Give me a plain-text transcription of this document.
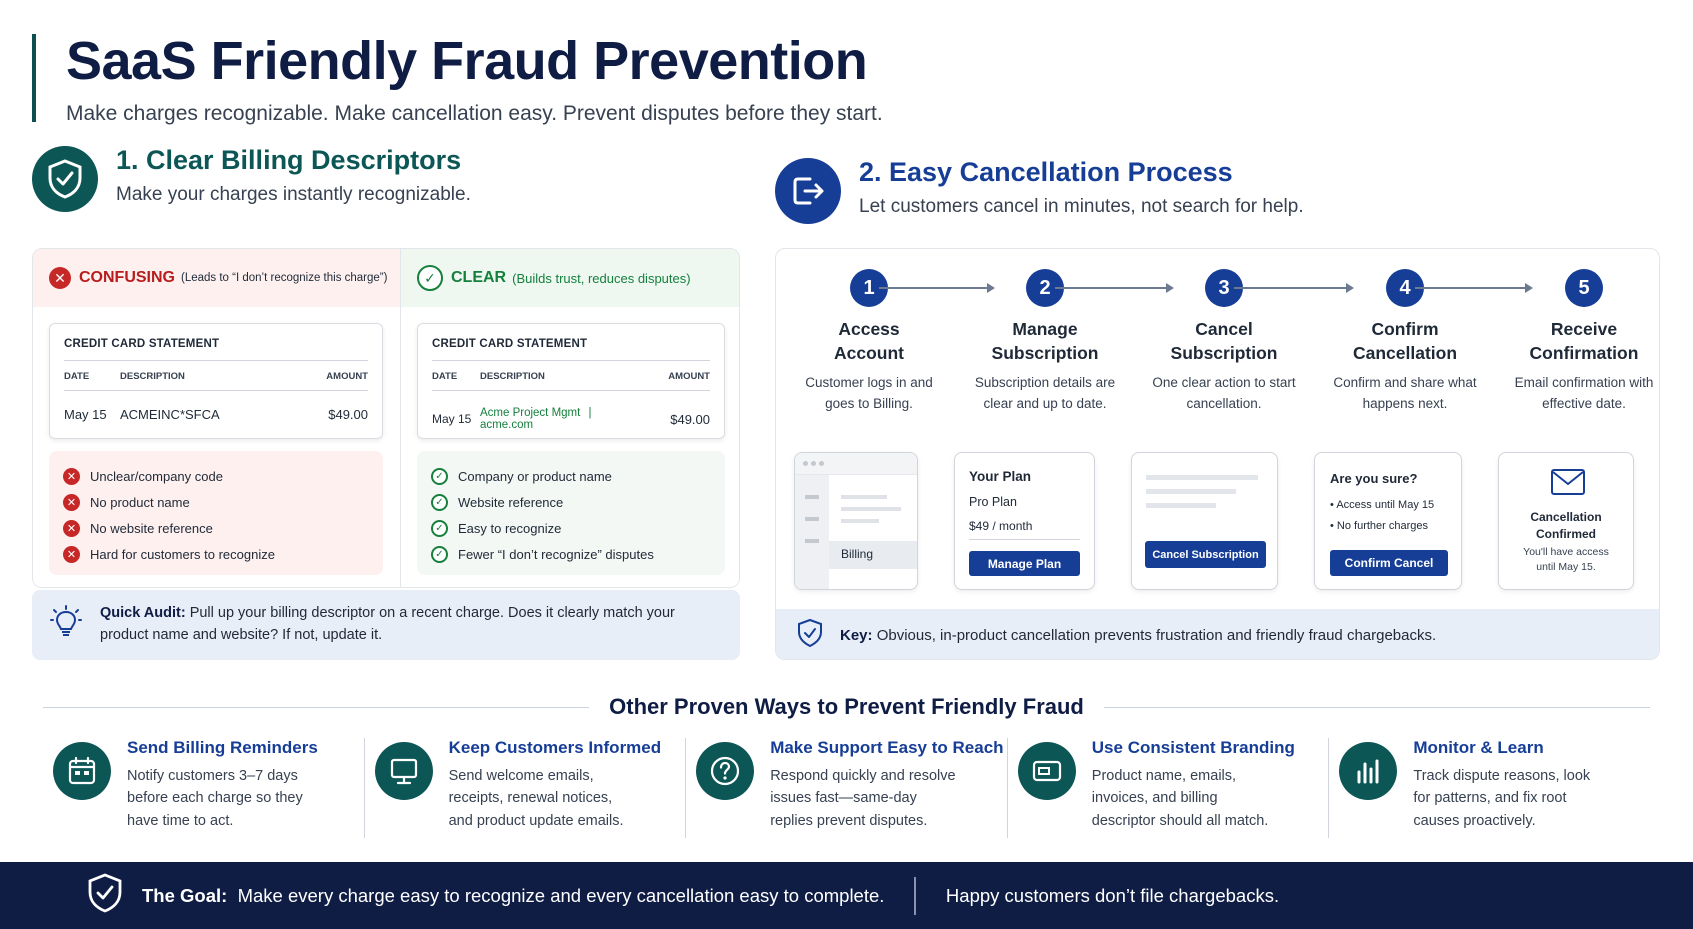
SaaS Friendly Fraud Prevention

Make charges recognizable. Make cancellation easy. Prevent disputes before they start.

1. Clear Billing Descriptors

Make your charges instantly recognizable.

2. Easy Cancellation Process

Let customers cancel in minutes, not search for help.

✕ CONFUSING (Leads to “I don’t recognize this charge”)
CREDIT CARD STATEMENT
DATE	DESCRIPTION	AMOUNT
May 15	ACMEINC*SFCA	$49.00
✕ Unclear/company code
✕ No product name
✕ No website reference
✕ Hard for customers to recognize
✓ CLEAR (Builds trust, reduces disputes)
CREDIT CARD STATEMENT
DATE	DESCRIPTION	AMOUNT
May 15 Acme Project Mgmt | acme.com	$49.00
✓	Company or product name
✓	Website reference
✓	Easy to recognize
✓	Fewer “I don’t recognize” disputes
Quick Audit: Pull up your billing descriptor on a recent charge. Does it clearly match your product name and website? If not, update it.
1
Access
Account

Customer logs in and goes to Billing.

2
Manage
Subscription

Subscription details are clear and up to date.

3
Cancel
Subscription

One clear action to start cancellation.

4
Confirm
Cancellation

Confirm and share what happens next.

5
Receive
Confirmation

Email confirmation with effective date.

Billing
Your Plan
Pro Plan
$49 / month
Manage Plan
Cancel Subscription
Are you sure?
• Access until May 15
• No further charges
Confirm Cancel
Cancellation
Confirmed
You'll have access
until May 15.
Key: Obvious, in-product cancellation prevents frustration and friendly fraud chargebacks.
Other Proven Ways to Prevent Friendly Fraud
Send Billing Reminders

Notify customers 3–7 days before each charge so they have time to act.

Keep Customers Informed

Send welcome emails, receipts, renewal notices, and product update emails.

Make Support Easy to Reach

Respond quickly and resolve issues fast—same-day replies prevent disputes.

Use Consistent Branding

Product name, emails, invoices, and billing descriptor should all match.

Monitor & Learn

Track dispute reasons, look for patterns, and fix root causes proactively.

The Goal: Make every charge easy to recognize and every cancellation easy to complete.	Happy customers don’t file chargebacks.
